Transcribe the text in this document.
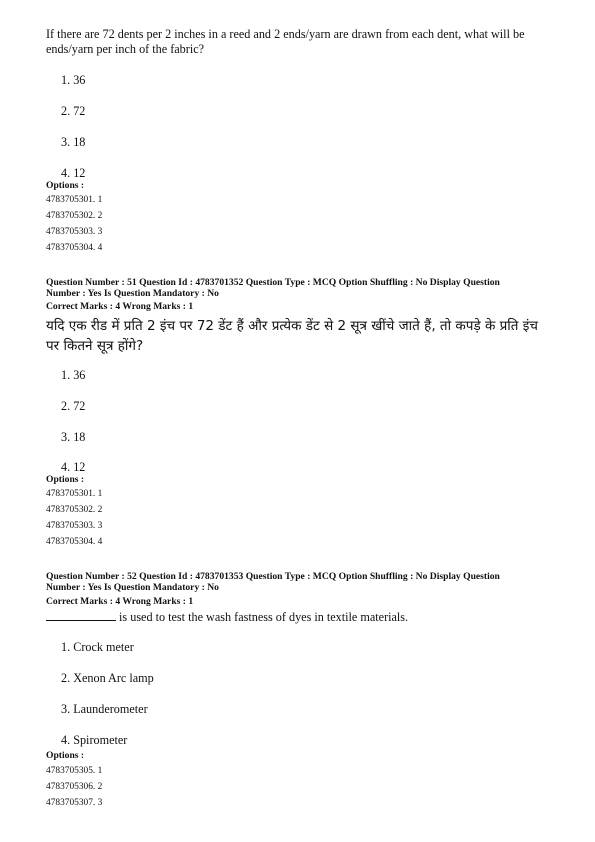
If there are 72 dents per 2 inches in a reed and 2 ends/yarn are drawn from each dent, what will be ends/yarn per inch of the fabric?
1. 36
2. 72
3. 18
4. 12
Options :
4783705301. 1
4783705302. 2
4783705303. 3
4783705304. 4
Question Number : 51 Question Id : 4783701352 Question Type : MCQ Option Shuffling : No Display Question
Number : Yes Is Question Mandatory : No
Correct Marks : 4 Wrong Marks : 1
यदि एक रीड में प्रति 2 इंच पर 72 डेंट हैं और प्रत्येक डेंट से 2 सूत्र खींचे जाते हैं, तो कपड़े के प्रति इंच पर कितने सूत्र होंगे?
1. 36
2. 72
3. 18
4. 12
Options :
4783705301. 1
4783705302. 2
4783705303. 3
4783705304. 4
Question Number : 52 Question Id : 4783701353 Question Type : MCQ Option Shuffling : No Display Question
Number : Yes Is Question Mandatory : No
Correct Marks : 4 Wrong Marks : 1
is used to test the wash fastness of dyes in textile materials.
1. Crock meter
2. Xenon Arc lamp
3. Launderometer
4. Spirometer
Options :
4783705305. 1
4783705306. 2
4783705307. 3
